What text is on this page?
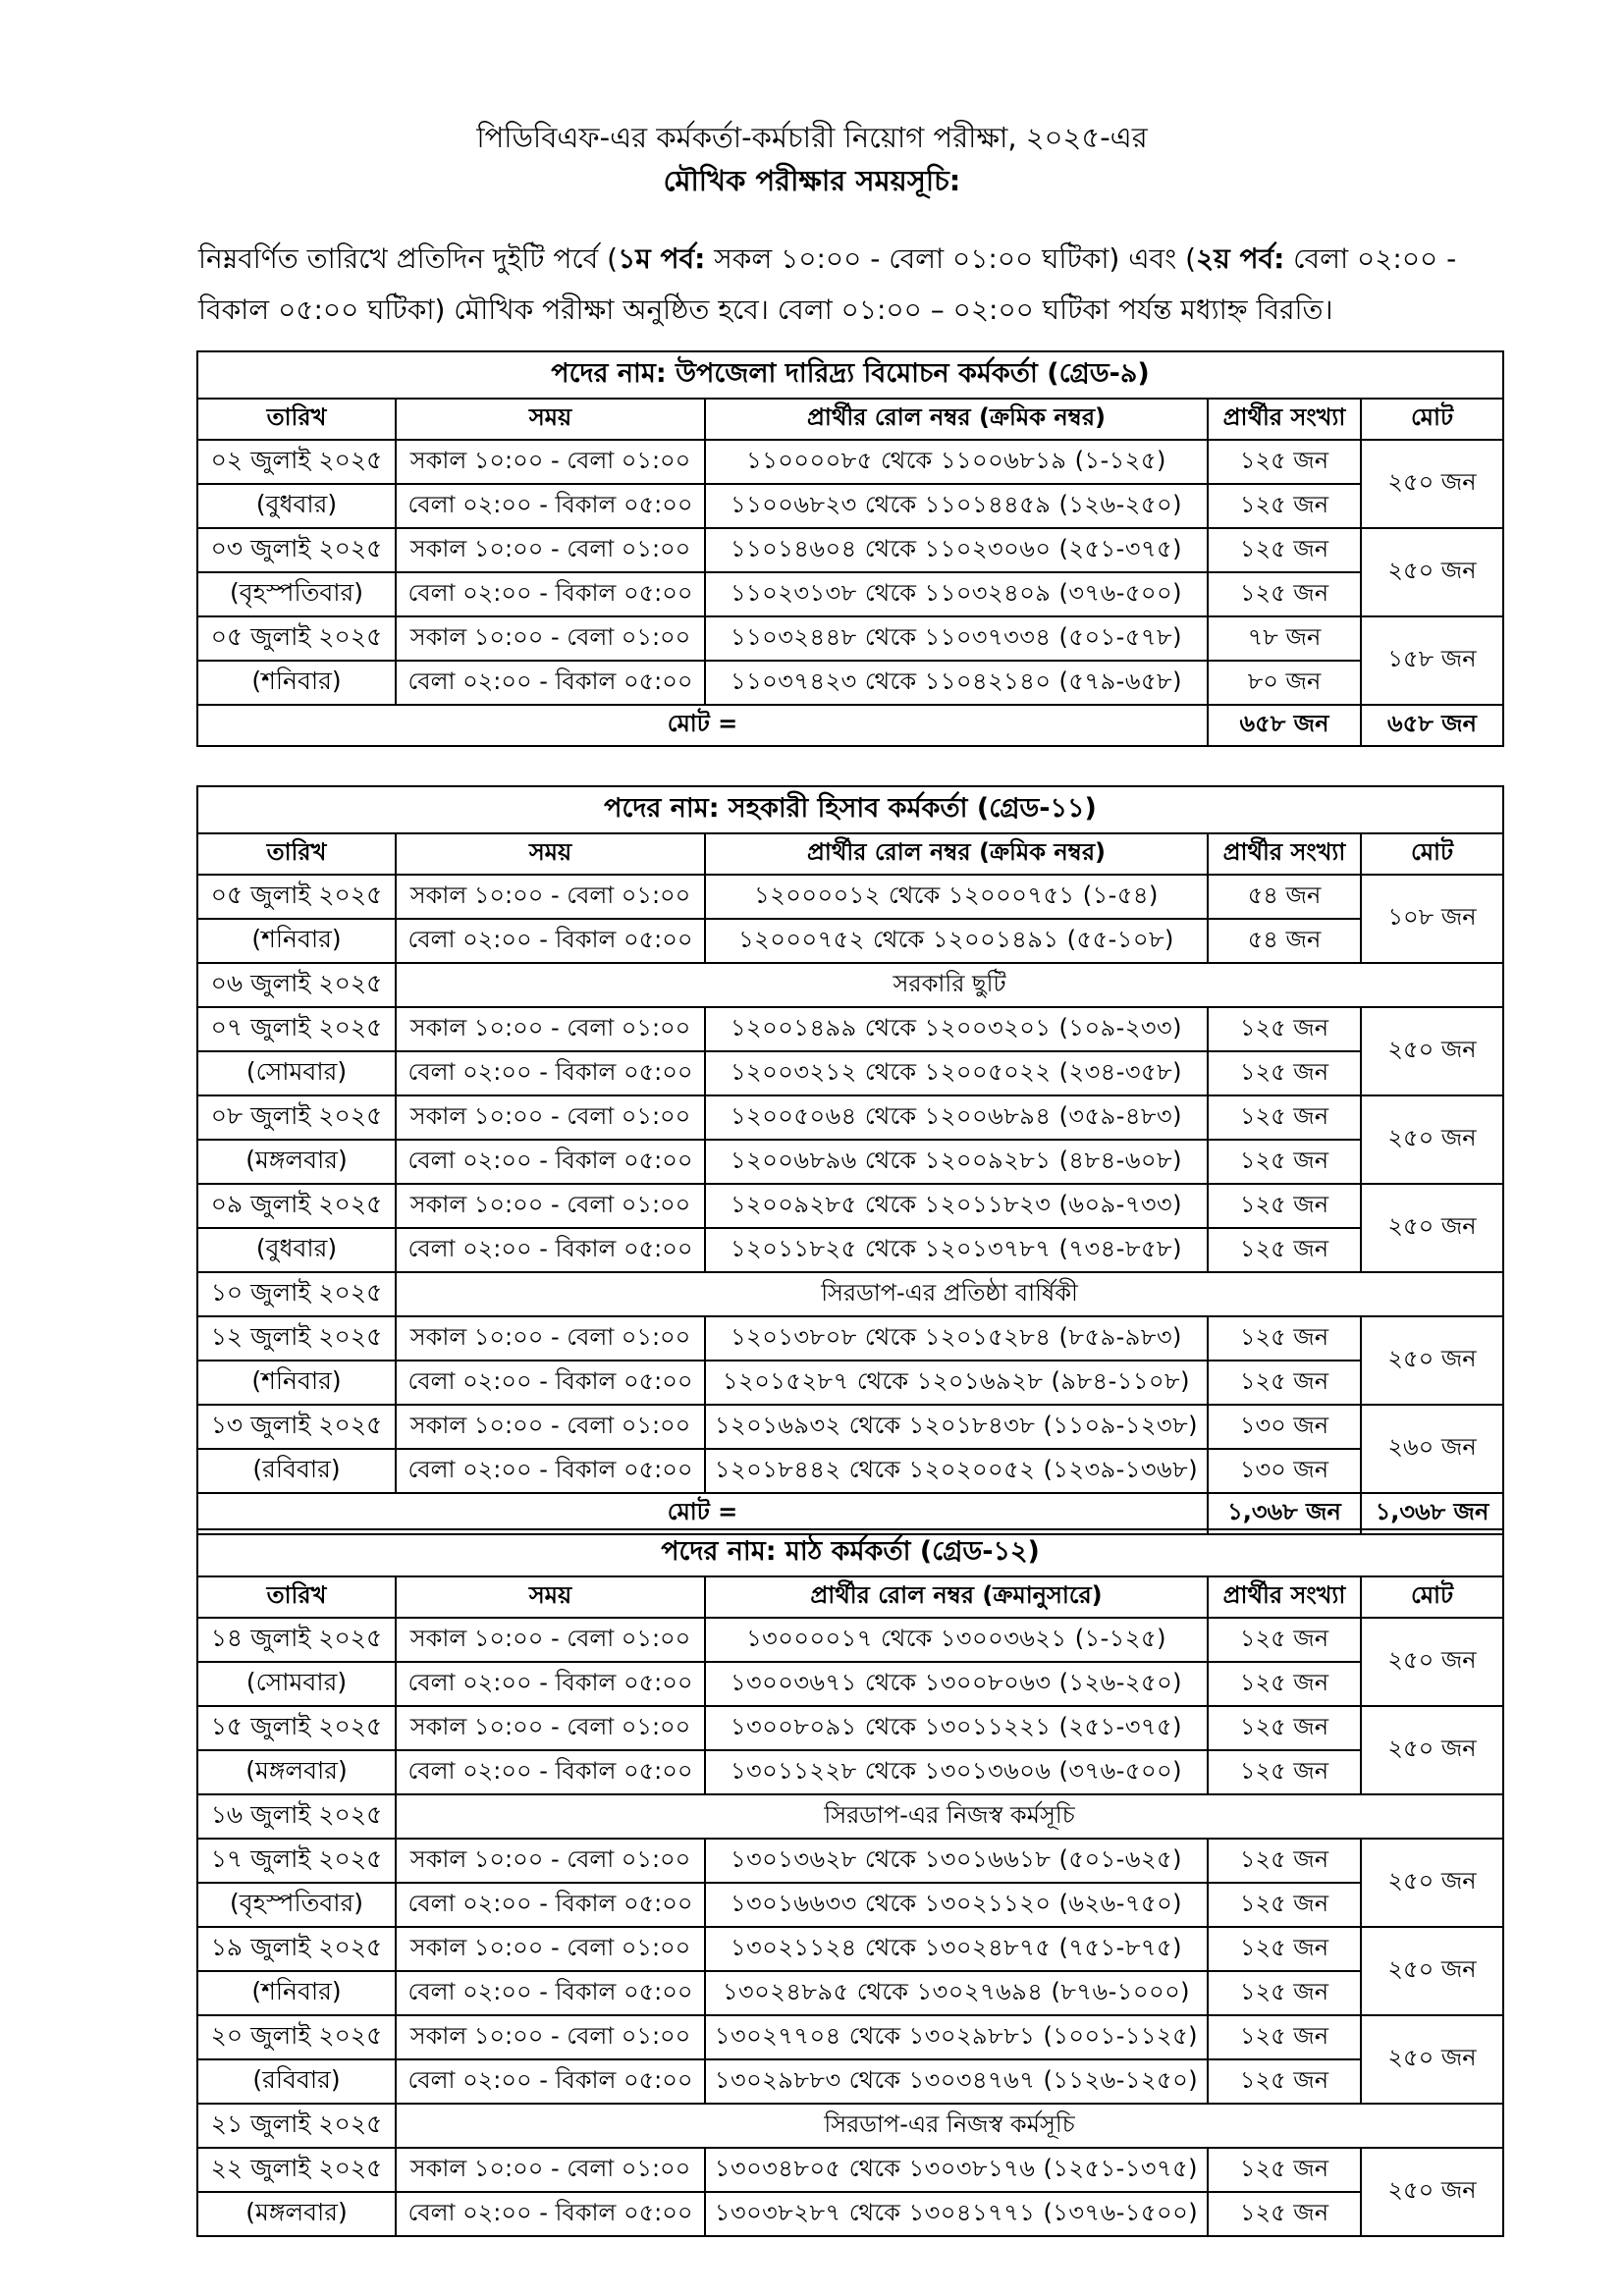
পিডিবিএফ-এর কর্মকর্তা-কর্মচারী নিয়োগ পরীক্ষা, ২০২৫-এর
মৌখিক পরীক্ষার সময়সূচি:
নিম্নবর্ণিত তারিখে প্রতিদিন দুইটি পর্বে (১ম পর্ব: সকল ১০:০০ - বেলা ০১:০০ ঘটিকা) এবং (২য় পর্ব: বেলা ০২:০০ - বিকাল ০৫:০০ ঘটিকা) মৌখিক পরীক্ষা অনুষ্ঠিত হবে। বেলা ০১:০০ – ০২:০০ ঘটিকা পর্যন্ত মধ্যাহ্ন বিরতি।
পদের নাম: উপজেলা দারিদ্র্য বিমোচন কর্মকর্তা (গ্রেড-৯)				
তারিখ	সময়	প্রার্থীর রোল নম্বর (ক্রমিক নম্বর)	প্রার্থীর সংখ্যা	মোট
০২ জুলাই ২০২৫	সকাল ১০:০০ - বেলা ০১:০০	১১০০০০৮৫ থেকে ১১০০৬৮১৯ (১-১২৫)	১২৫ জন	২৫০ জন
(বুধবার)	বেলা ০২:০০ - বিকাল ০৫:০০	১১০০৬৮২৩ থেকে ১১০১৪৪৫৯ (১২৬-২৫০)	১২৫ জন	
০৩ জুলাই ২০২৫	সকাল ১০:০০ - বেলা ০১:০০	১১০১৪৬০৪ থেকে ১১০২৩০৬০ (২৫১-৩৭৫)	১২৫ জন	২৫০ জন
(বৃহস্পতিবার)	বেলা ০২:০০ - বিকাল ০৫:০০	১১০২৩১৩৮ থেকে ১১০৩২৪০৯ (৩৭৬-৫০০)	১২৫ জন	
০৫ জুলাই ২০২৫	সকাল ১০:০০ - বেলা ০১:০০	১১০৩২৪৪৮ থেকে ১১০৩৭৩৩৪ (৫০১-৫৭৮)	৭৮ জন	১৫৮ জন
(শনিবার)	বেলা ০২:০০ - বিকাল ০৫:০০	১১০৩৭৪২৩ থেকে ১১০৪২১৪০ (৫৭৯-৬৫৮)	৮০ জন	
মোট =			৬৫৮ জন	৬৫৮ জন
পদের নাম: সহকারী হিসাব কর্মকর্তা (গ্রেড-১১)				
তারিখ	সময়	প্রার্থীর রোল নম্বর (ক্রমিক নম্বর)	প্রার্থীর সংখ্যা	মোট
০৫ জুলাই ২০২৫	সকাল ১০:০০ - বেলা ০১:০০	১২০০০০১২ থেকে ১২০০০৭৫১ (১-৫৪)	৫৪ জন	১০৮ জন
(শনিবার)	বেলা ০২:০০ - বিকাল ০৫:০০	১২০০০৭৫২ থেকে ১২০০১৪৯১ (৫৫-১০৮)	৫৪ জন	
০৬ জুলাই ২০২৫	সরকারি ছুটি			
০৭ জুলাই ২০২৫	সকাল ১০:০০ - বেলা ০১:০০	১২০০১৪৯৯ থেকে ১২০০৩২০১ (১০৯-২৩৩)	১২৫ জন	২৫০ জন
(সোমবার)	বেলা ০২:০০ - বিকাল ০৫:০০	১২০০৩২১২ থেকে ১২০০৫০২২ (২৩৪-৩৫৮)	১২৫ জন	
০৮ জুলাই ২০২৫	সকাল ১০:০০ - বেলা ০১:০০	১২০০৫০৬৪ থেকে ১২০০৬৮৯৪ (৩৫৯-৪৮৩)	১২৫ জন	২৫০ জন
(মঙ্গলবার)	বেলা ০২:০০ - বিকাল ০৫:০০	১২০০৬৮৯৬ থেকে ১২০০৯২৮১ (৪৮৪-৬০৮)	১২৫ জন	
০৯ জুলাই ২০২৫	সকাল ১০:০০ - বেলা ০১:০০	১২০০৯২৮৫ থেকে ১২০১১৮২৩ (৬০৯-৭৩৩)	১২৫ জন	২৫০ জন
(বুধবার)	বেলা ০২:০০ - বিকাল ০৫:০০	১২০১১৮২৫ থেকে ১২০১৩৭৮৭ (৭৩৪-৮৫৮)	১২৫ জন	
১০ জুলাই ২০২৫	সিরডাপ-এর প্রতিষ্ঠা বার্ষিকী			
১২ জুলাই ২০২৫	সকাল ১০:০০ - বেলা ০১:০০	১২০১৩৮০৮ থেকে ১২০১৫২৮৪ (৮৫৯-৯৮৩)	১২৫ জন	২৫০ জন
(শনিবার)	বেলা ০২:০০ - বিকাল ০৫:০০	১২০১৫২৮৭ থেকে ১২০১৬৯২৮ (৯৮৪-১১০৮)	১২৫ জন	
১৩ জুলাই ২০২৫	সকাল ১০:০০ - বেলা ০১:০০	১২০১৬৯৩২ থেকে ১২০১৮৪৩৮ (১১০৯-১২৩৮)	১৩০ জন	২৬০ জন
(রবিবার)	বেলা ০২:০০ - বিকাল ০৫:০০	১২০১৮৪৪২ থেকে ১২০২০০৫২ (১২৩৯-১৩৬৮)	১৩০ জন	
মোট =			১,৩৬৮ জন	১,৩৬৮ জন
পদের নাম: মাঠ কর্মকর্তা (গ্রেড-১২)				
তারিখ	সময়	প্রার্থীর রোল নম্বর (ক্রমানুসারে)	প্রার্থীর সংখ্যা	মোট
১৪ জুলাই ২০২৫	সকাল ১০:০০ - বেলা ০১:০০	১৩০০০০১৭ থেকে ১৩০০৩৬২১ (১-১২৫)	১২৫ জন	২৫০ জন
(সোমবার)	বেলা ০২:০০ - বিকাল ০৫:০০	১৩০০৩৬৭১ থেকে ১৩০০৮০৬৩ (১২৬-২৫০)	১২৫ জন	
১৫ জুলাই ২০২৫	সকাল ১০:০০ - বেলা ০১:০০	১৩০০৮০৯১ থেকে ১৩০১১২২১ (২৫১-৩৭৫)	১২৫ জন	২৫০ জন
(মঙ্গলবার)	বেলা ০২:০০ - বিকাল ০৫:০০	১৩০১১২২৮ থেকে ১৩০১৩৬০৬ (৩৭৬-৫০০)	১২৫ জন	
১৬ জুলাই ২০২৫	সিরডাপ-এর নিজস্ব কর্মসূচি			
১৭ জুলাই ২০২৫	সকাল ১০:০০ - বেলা ০১:০০	১৩০১৩৬২৮ থেকে ১৩০১৬৬১৮ (৫০১-৬২৫)	১২৫ জন	২৫০ জন
(বৃহস্পতিবার)	বেলা ০২:০০ - বিকাল ০৫:০০	১৩০১৬৬৩৩ থেকে ১৩০২১১২০ (৬২৬-৭৫০)	১২৫ জন	
১৯ জুলাই ২০২৫	সকাল ১০:০০ - বেলা ০১:০০	১৩০২১১২৪ থেকে ১৩০২৪৮৭৫ (৭৫১-৮৭৫)	১২৫ জন	২৫০ জন
(শনিবার)	বেলা ০২:০০ - বিকাল ০৫:০০	১৩০২৪৮৯৫ থেকে ১৩০২৭৬৯৪ (৮৭৬-১০০০)	১২৫ জন	
২০ জুলাই ২০২৫	সকাল ১০:০০ - বেলা ০১:০০	১৩০২৭৭০৪ থেকে ১৩০২৯৮৮১ (১০০১-১১২৫)	১২৫ জন	২৫০ জন
(রবিবার)	বেলা ০২:০০ - বিকাল ০৫:০০	১৩০২৯৮৮৩ থেকে ১৩০৩৪৭৬৭ (১১২৬-১২৫০)	১২৫ জন	
২১ জুলাই ২০২৫	সিরডাপ-এর নিজস্ব কর্মসূচি			
২২ জুলাই ২০২৫	সকাল ১০:০০ - বেলা ০১:০০	১৩০৩৪৮০৫ থেকে ১৩০৩৮১৭৬ (১২৫১-১৩৭৫)	১২৫ জন	২৫০ জন
(মঙ্গলবার)	বেলা ০২:০০ - বিকাল ০৫:০০	১৩০৩৮২৮৭ থেকে ১৩০৪১৭৭১ (১৩৭৬-১৫০০)	১২৫ জন	
